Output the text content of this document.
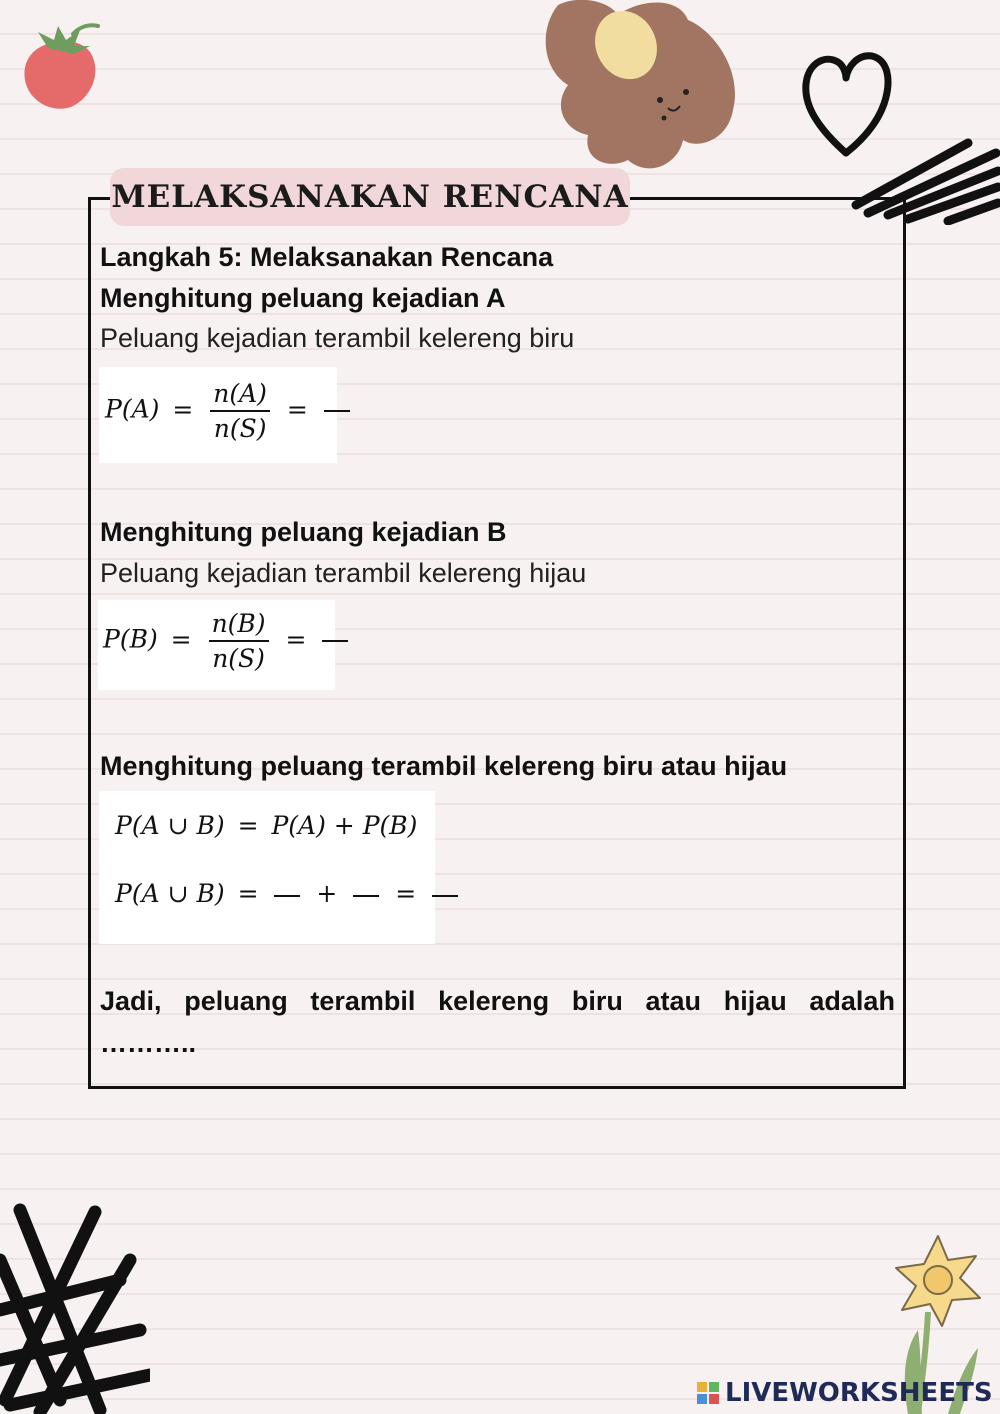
MELAKSANAKAN RENCANA
Langkah 5: Melaksanakan Rencana
Menghitung peluang kejadian A
Peluang kejadian terambil kelereng biru
$P(A) = \frac{n(A)}{n(S)}$ =
Menghitung peluang kejadian B
Peluang kejadian terambil kelereng hijau
$P(B) = \frac{n(B)}{n(S)}$ =
Menghitung peluang terambil kelereng biru atau hijau
P(A ∪ B) = P(A) + P(B)
P(A ∪ B) = + =
Jadi, peluang terambil kelereng biru atau hijau adalah
………..
LIVEWORKSHEETS
